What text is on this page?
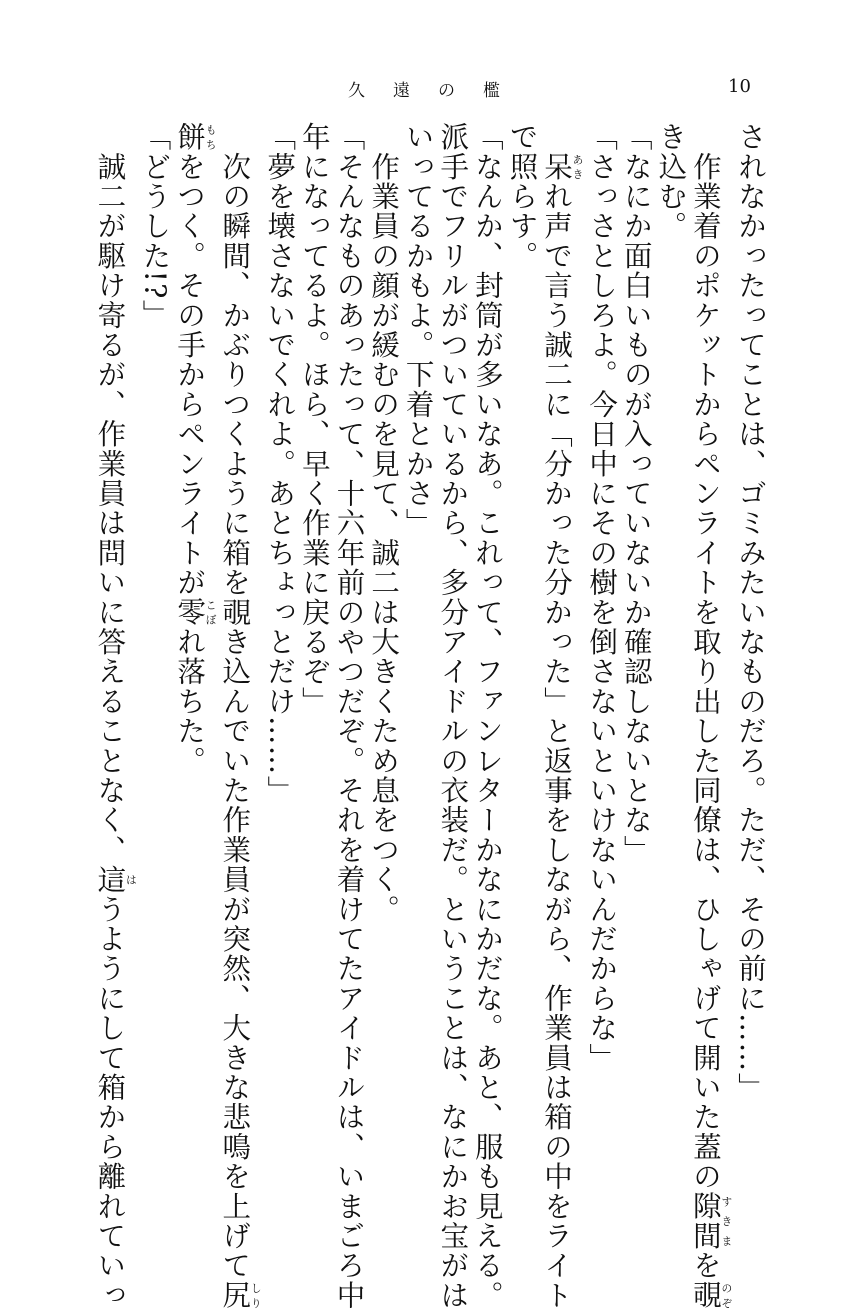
久遠の檻	10

されなかったってことは、ゴミみたいなものだろ。ただ、その前に……」

　作業着のポケットからペンライトを取り出した同僚は、ひしゃげて開いた蓋の隙間すきまを覗のぞ

き込む。

「なにか面白いものが入っていないか確認しないとな」

「さっさとしろよ。今日中にその樹を倒さないといけないんだからな」

　呆あきれ声で言う誠二に「分かった分かった」と返事をしながら、作業員は箱の中をライト

で照らす。

「なんか、封筒が多いなあ。これって、ファンレターかなにかだな。あと、服も見える。

派手でフリルがついているから、多分アイドルの衣装だ。ということは、なにかお宝がは

いってるかもよ。下着とかさ」

　作業員の顔が緩むのを見て、誠二は大きくため息をつく。

「そんなものあったって、十六年前のやつだぞ。それを着けてたアイドルは、いまごろ中

年になってるよ。ほら、早く作業に戻るぞ」

「夢を壊さないでくれよ。あとちょっとだけ……」

　次の瞬間、かぶりつくように箱を覗き込んでいた作業員が突然、大きな悲鳴を上げて尻しり

餅もちをつく。その手からペンライトが零こぼれ落ちた。

「どうした!?」

　誠二が駆け寄るが、作業員は問いに答えることなく、這はうようにして箱から離れていっ
